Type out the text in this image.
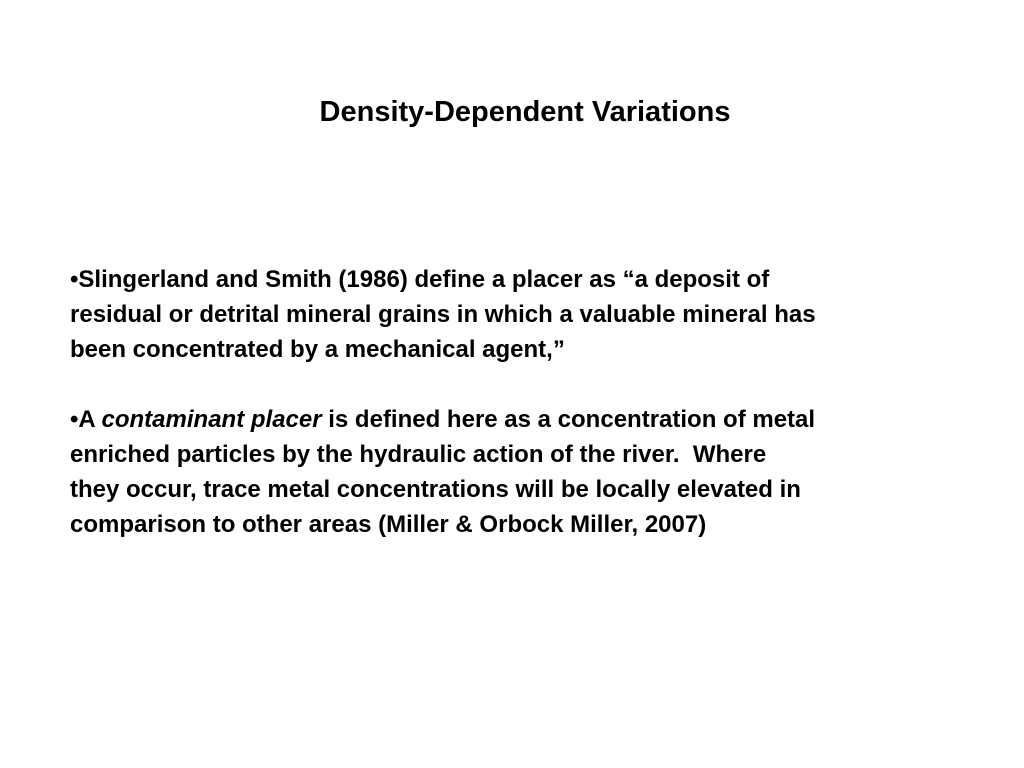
Density-Dependent Variations
•Slingerland and Smith (1986) define a placer as “a deposit of
residual or detrital mineral grains in which a valuable mineral has
been concentrated by a mechanical agent,”
•A contaminant placer is defined here as a concentration of metal
enriched particles by the hydraulic action of the river.  Where
they occur, trace metal concentrations will be locally elevated in
comparison to other areas (Miller & Orbock Miller, 2007)
